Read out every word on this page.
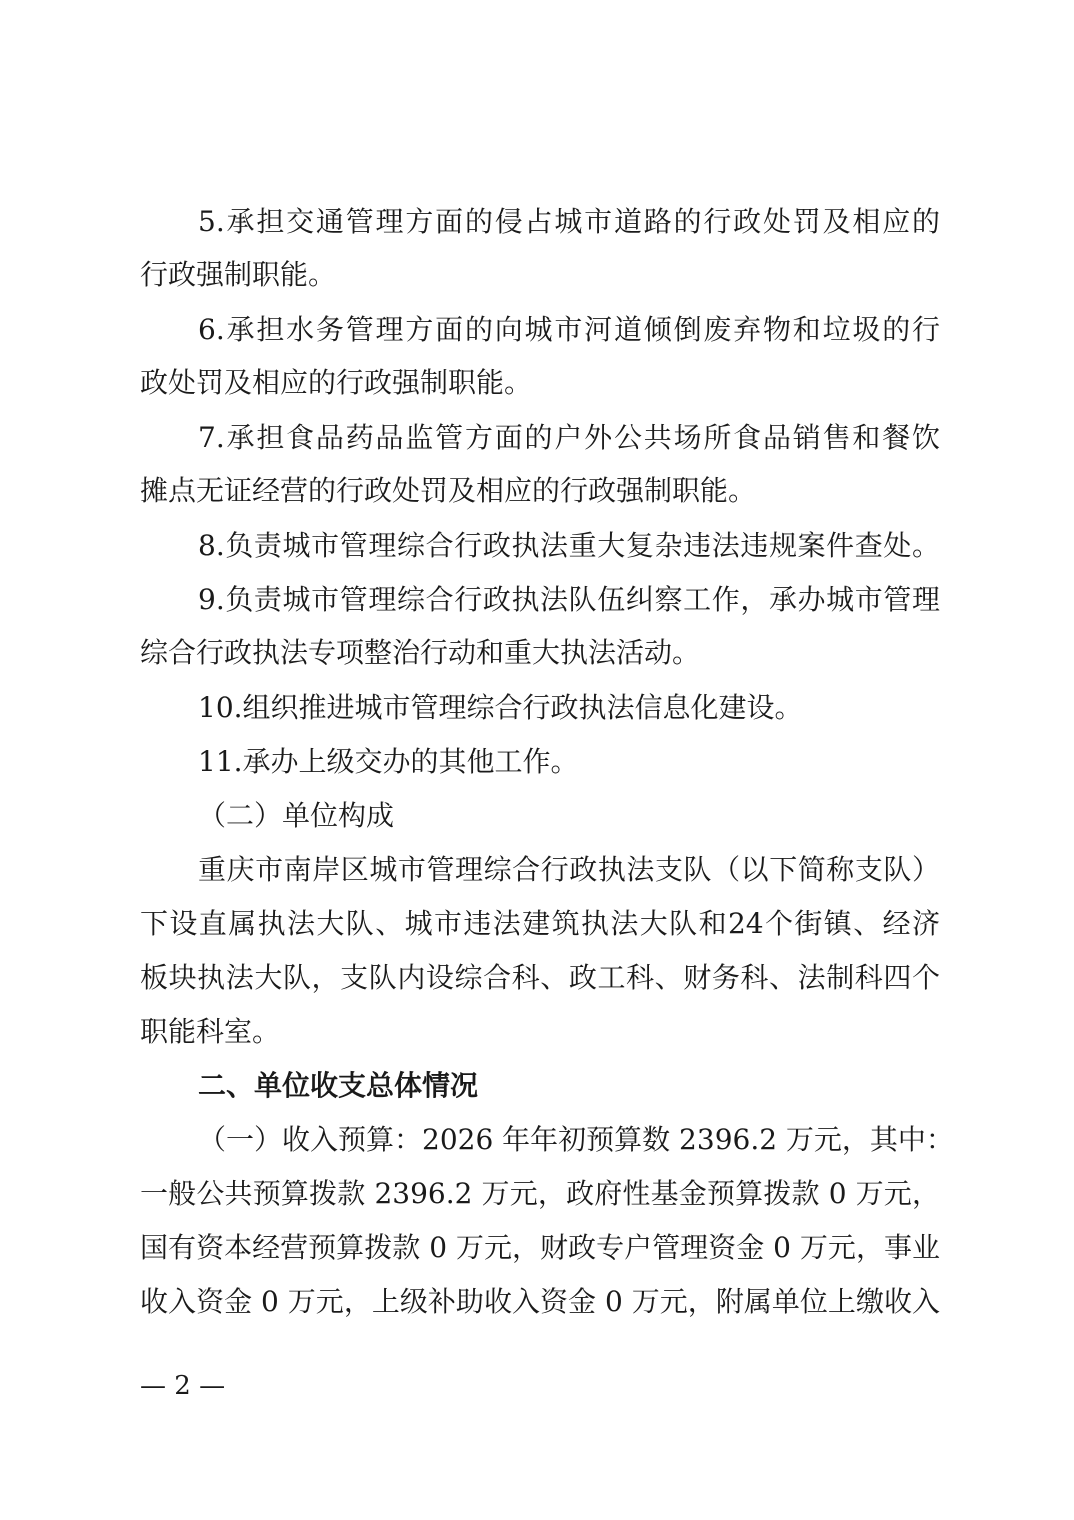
5.承担交通管理方面的侵占城市道路的行政处罚及相应的
行政强制职能。
6.承担水务管理方面的向城市河道倾倒废弃物和垃圾的行
政处罚及相应的行政强制职能。
7.承担食品药品监管方面的户外公共场所食品销售和餐饮
摊点无证经营的行政处罚及相应的行政强制职能。
8.负责城市管理综合行政执法重大复杂违法违规案件查处。
9.负责城市管理综合行政执法队伍纠察工作，承办城市管理
综合行政执法专项整治行动和重大执法活动。
10.组织推进城市管理综合行政执法信息化建设。
11.承办上级交办的其他工作。
（二）单位构成
重庆市南岸区城市管理综合行政执法支队（以下简称支队）
下设直属执法大队、城市违法建筑执法大队和24个街镇、经济
板块执法大队，支队内设综合科、政工科、财务科、法制科四个
职能科室。
二、单位收支总体情况
（一）收入预算：2026 年年初预算数 2396.2 万元，其中：
一般公共预算拨款 2396.2 万元，政府性基金预算拨款 0 万元，
国有资本经营预算拨款 0 万元，财政专户管理资金 0 万元，事业
收入资金 0 万元，上级补助收入资金 0 万元，附属单位上缴收入
— 2 —
